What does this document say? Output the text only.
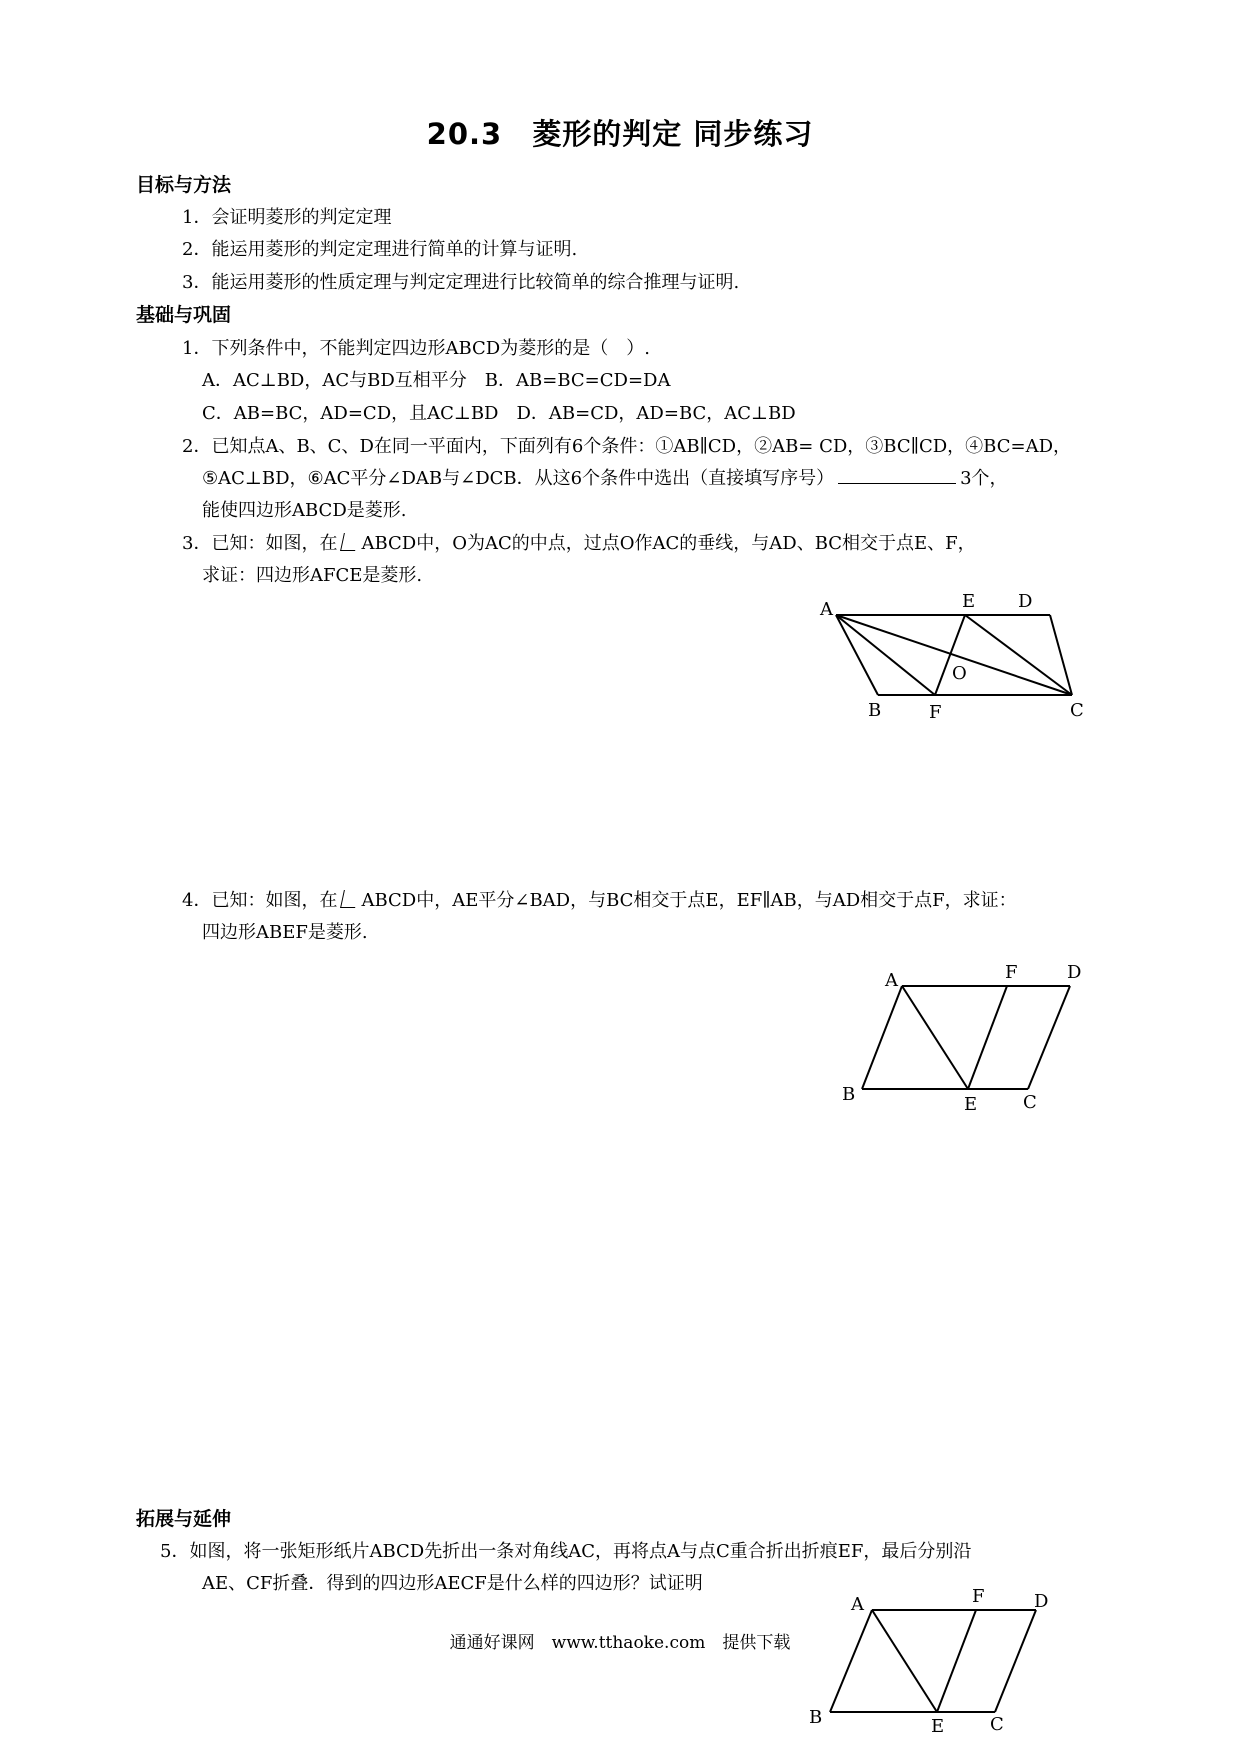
20.3　菱形的判定 同步练习
目标与方法
1．会证明菱形的判定定理
2．能运用菱形的判定定理进行简单的计算与证明.
3．能运用菱形的性质定理与判定定理进行比较简单的综合推理与证明.
基础与巩固
1．下列条件中，不能判定四边形ABCD为菱形的是（　）.
A．AC⊥BD，AC与BD互相平分　B．AB=BC=CD=DA
C．AB=BC，AD=CD，且AC⊥BD　D．AB=CD，AD=BC，AC⊥BD
2．已知点A、B、C、D在同一平面内，下面列有6个条件：①AB∥CD，②AB= CD，③BC∥CD，④BC=AD，
⑤AC⊥BD，⑥AC平分∠DAB与∠DCB．从这6个条件中选出（直接填写序号）	3个，
能使四边形ABCD是菱形.
3．已知：如图，在 ABCD中，O为AC的中点，过点O作AC的垂线，与AD、BC相交于点E、F，
求证：四边形AFCE是菱形.
A	E D
O
B	F	C
4．已知：如图，在 ABCD中，AE平分∠BAD，与BC相交于点E，EF∥AB，与AD相交于点F，求证：
四边形ABEF是菱形.
A	F	D
B	E	C
拓展与延伸
5．如图，将一张矩形纸片ABCD先折出一条对角线AC，再将点A与点C重合折出折痕EF，最后分别沿
AE、CF折叠．得到的四边形AECF是什么样的四边形？试证明
A	F	D
B	E	C
通通好课网　www.tthaoke.com　提供下载
